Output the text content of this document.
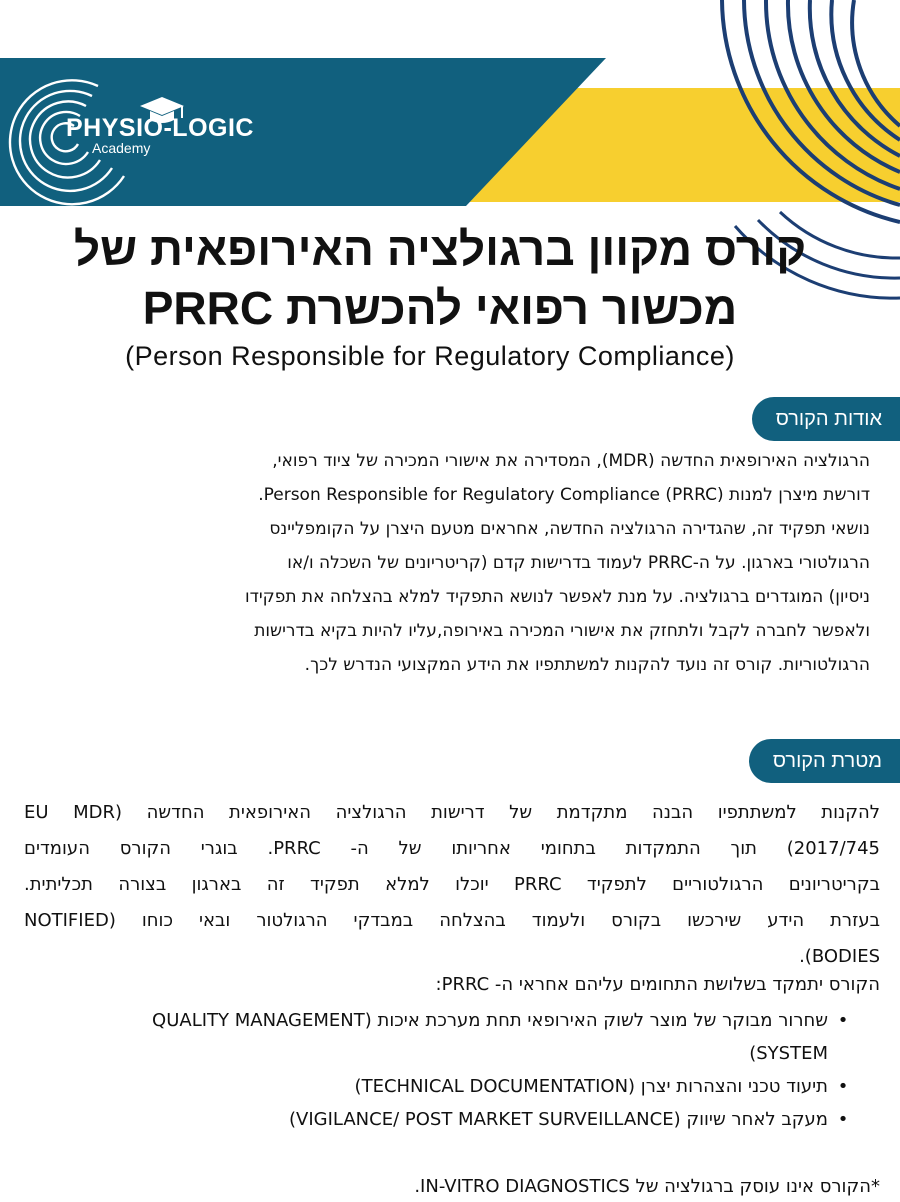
PHYSIO-LOGIC
Academy
קורס מקוון ברגולציה האירופאית של
מכשור רפואי להכשרת PRRC
(Person Responsible for Regulatory Compliance)
אודות הקורס
הרגולציה האירופאית החדשה (MDR), המסדירה את אישורי המכירה של ציוד רפואי,
דורשת מיצרן למנות Person Responsible for Regulatory Compliance (PRRC).
נושאי תפקיד זה, שהגדירה הרגולציה החדשה, אחראים מטעם היצרן על הקומפליינס
הרגולטורי בארגון. על ה-PRRC לעמוד בדרישות קדם (קריטריונים של השכלה ו/או
ניסיון) המוגדרים ברגולציה. על מנת לאפשר לנושא התפקיד למלא בהצלחה את תפקידו
ולאפשר לחברה לקבל ולתחזק את אישורי המכירה באירופה,עליו להיות בקיא בדרישות
הרגולטוריות. קורס זה נועד להקנות למשתתפיו את הידע המקצועי הנדרש לכך.
מטרת הקורס
להקנות למשתתפיו הבנה מתקדמת של דרישות הרגולציה האירופאית החדשה (EU MDR
2017/745) תוך התמקדות בתחומי אחריותו של ה- PRRC. בוגרי הקורס העומדים
בקריטריונים הרגולטוריים לתפקיד PRRC יוכלו למלא תפקיד זה בארגון בצורה תכליתית.
בעזרת הידע שירכשו בקורס ולעמוד בהצלחה במבדקי הרגולטור ובאי כוחו (NOTIFIED
BODIES).
הקורס יתמקד בשלושת התחומים עליהם אחראי ה- PRRC:
•
שחרור מבוקר של מוצר לשוק האירופאי תחת מערכת איכות (QUALITY MANAGEMENT
SYSTEM)
•
תיעוד טכני והצהרות יצרן (TECHNICAL DOCUMENTATION)
•
מעקב לאחר שיווק (VIGILANCE/ POST MARKET SURVEILLANCE)
*הקורס אינו עוסק ברגולציה של IN-VITRO DIAGNOSTICS.
